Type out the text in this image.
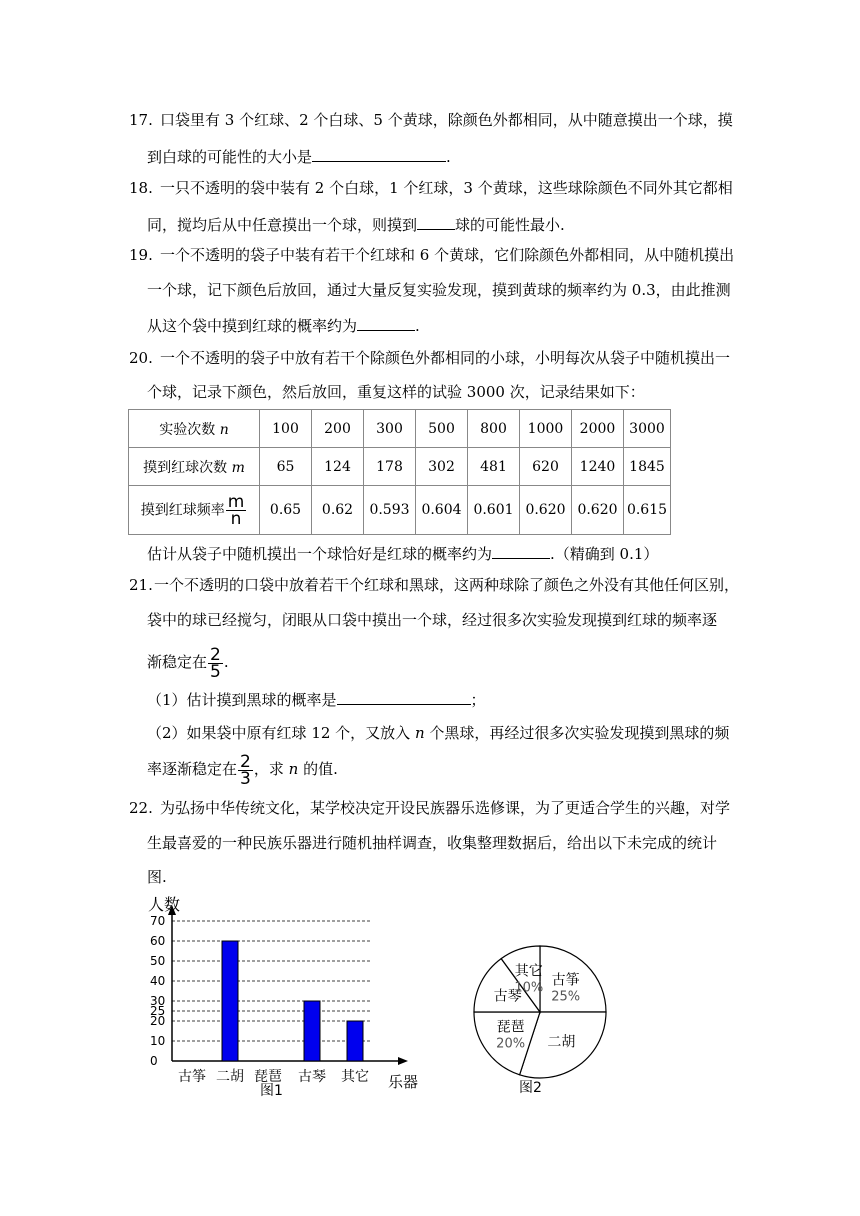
17. 口袋里有 3 个红球、2 个白球、5 个黄球，除颜色外都相同，从中随意摸出一个球，摸
到白球的可能性的大小是	.
18. 一只不透明的袋中装有 2 个白球，1 个红球，3 个黄球，这些球除颜色不同外其它都相
同，搅均后从中任意摸出一个球，则摸到	球的可能性最小.
19. 一个不透明的袋子中装有若干个红球和 6 个黄球，它们除颜色外都相同，从中随机摸出
一个球，记下颜色后放回，通过大量反复实验发现，摸到黄球的频率约为 0.3，由此推测
从这个袋中摸到红球的概率约为	.
20. 一个不透明的袋子中放有若干个除颜色外都相同的小球，小明每次从袋子中随机摸出一
个球，记录下颜色，然后放回，重复这样的试验 3000 次，记录结果如下：
实验次数 n	100	200	300	500	800	1000	2000	3000
摸到红球次数 m	65	124	178	302	481	620	1240	1845
摸到红球频率 $\frac{m}{n}$	0.65	0.62	0.593	0.604	0.601	0.620	0.620	0.615
估计从袋子中随机摸出一个球恰好是红球的概率约为	.（精确到 0.1）
21. 一个不透明的口袋中放着若干个红球和黑球，这两种球除了颜色之外没有其他任何区别，
袋中的球已经搅匀，闭眼从口袋中摸出一个球，经过很多次实验发现摸到红球的频率逐
渐稳定在 $\frac{2}{5}$ .
（1）估计摸到黑球的概率是	；
（2）如果袋中原有红球 12 个，又放入 n 个黑球，再经过很多次实验发现摸到黑球的频
率逐渐稳定在 $\frac{2}{3}$ ，求 n 的值.
22. 为弘扬中华传统文化，某学校决定开设民族器乐选修课，为了更适合学生的兴趣，对学
生最喜爱的一种民族乐器进行随机抽样调查，收集整理数据后，给出以下未完成的统计
图.
人数
乐器
0
10
20
25
30
40
50
60
70
古筝 二胡 琵琶 古琴 其它
图1
古筝
25%
二胡
琵琶
20%
古琴
其它
10%
图2
